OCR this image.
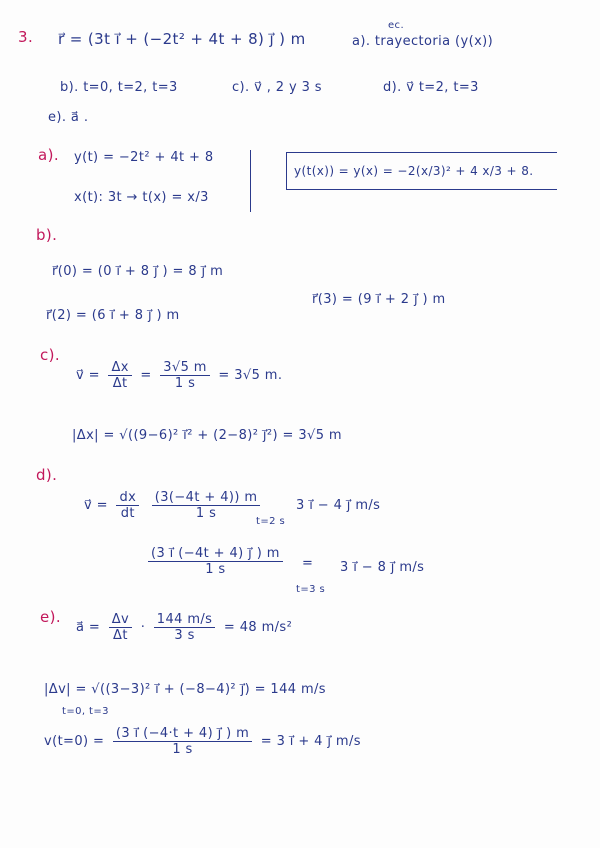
3. r⃗ = (3t i⃗ + (−2t² + 4t + 8) j⃗ ) m
ec.
a). trayectoria (y(x))
b). t=0, t=2, t=3	c). v⃗ , 2 y 3 s	d). v⃗ t=2, t=3
e). a⃗ .
a). y(t) = −2t² + 4t + 8
x(t): 3t → t(x) = x/3
y(t(x)) = y(x) = −2(x/3)² + 4 x/3 + 8.
b).
r⃗(0) = (0 i⃗ + 8 j⃗ ) = 8 j⃗ m
r⃗(2) = (6 i⃗ + 8 j⃗ ) m
r⃗(3) = (9 i⃗ + 2 j⃗ ) m
c).
v⃗ = $\frac{\Delta x}{\Delta t} = \frac{3√5 m}{1 s} = 3√5$ m.
|Δx| = √((9−6)² i⃗² + (2−8)² j⃗²) = 3√5 m
d).
v⃗ = $\frac{dx}{dt}$
$\frac{(3(-4t + 4)) m}{1 s}$
t=2 s
3 i⃗ − 4 j⃗ m/s
$\frac{(3 i⃗ (-4t + 4) j⃗ ) m}{1 s}$ =
t=3 s
3 i⃗ − 8 j⃗ m/s
e).
a⃗ = $\frac{\Delta v}{\Delta t} \cdot \frac{144 m/s}{3 s} = 48$ m/s²
|Δv| = √((3−3)² i⃗ + (−8−4)² j⃗) = 144 m/s
t=0, t=3
$v(t=0) = \frac{(3 i⃗ (-4\cdot t + 4) j⃗ ) m}{1 s} = 3$ i⃗ + 4 j⃗ m/s
